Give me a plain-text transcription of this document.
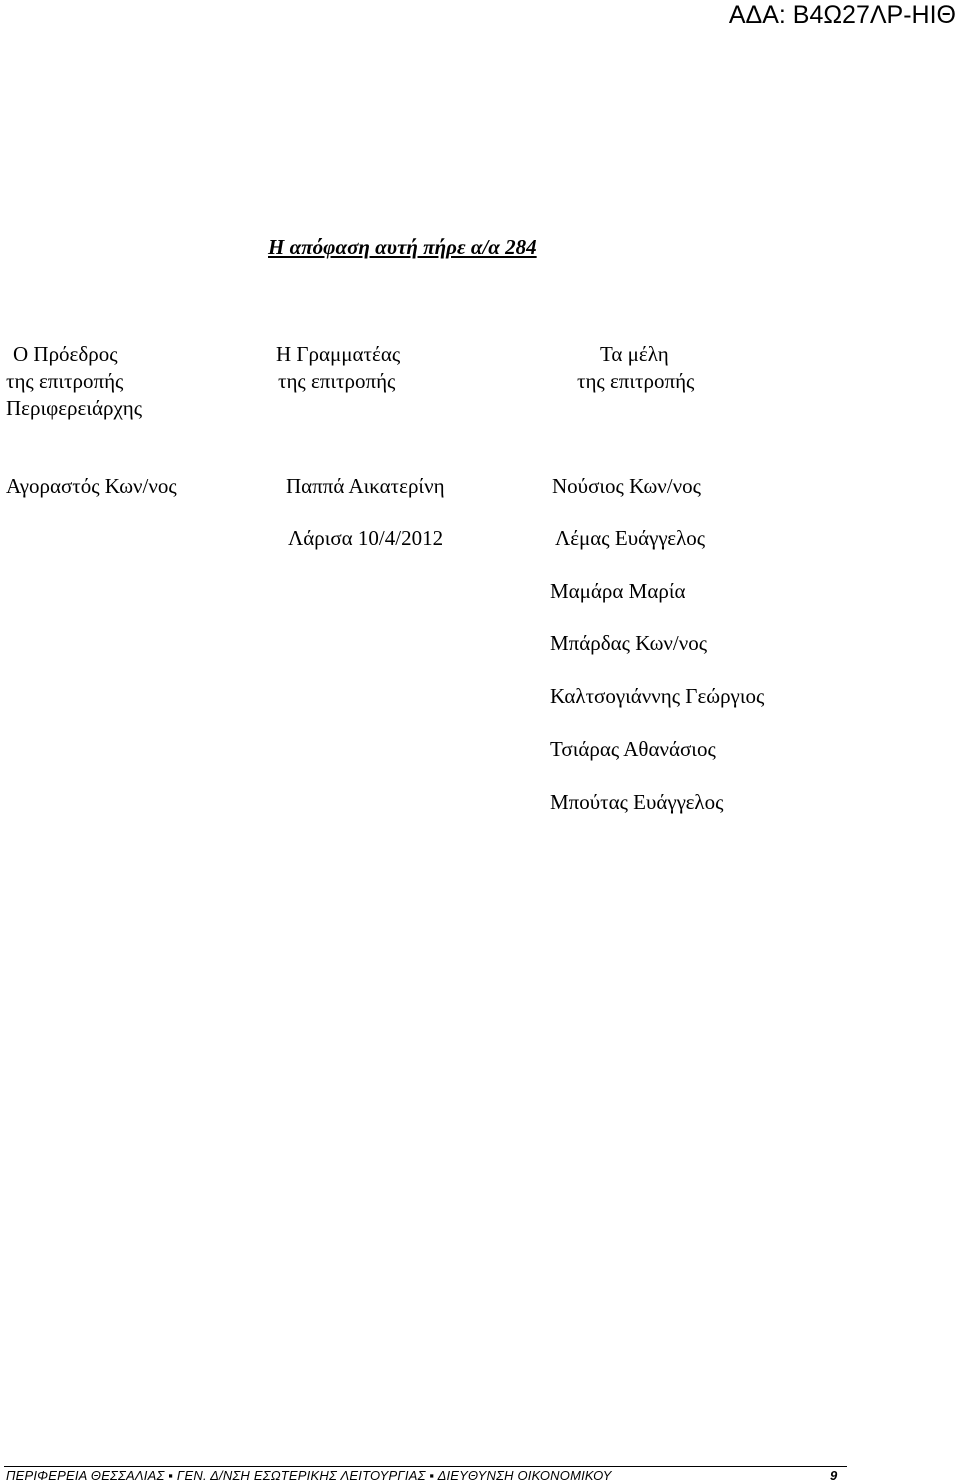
ΑΔΑ: Β4Ω27ΛΡ-ΗΙΘ
Η απόφαση αυτή πήρε α/α 284
Ο Πρόεδρος
της επιτροπής
Περιφερειάρχης
Αγοραστός Κων/νος
Η Γραμματέας
της επιτροπής
Παππά Αικατερίνη
Λάρισα 10/4/2012
Τα μέλη
της επιτροπής
Νούσιος Κων/νος
Λέμας Ευάγγελος
Μαμάρα Μαρία
Μπάρδας Κων/νος
Καλτσογιάννης Γεώργιος
Τσιάρας Αθανάσιος
Μπούτας Ευάγγελος
ΠΕΡΙΦΕΡΕΙΑ ΘΕΣΣΑΛΙΑΣ ▪ ΓΕΝ. Δ/ΝΣΗ ΕΣΩΤΕΡΙΚΗΣ ΛΕΙΤΟΥΡΓΙΑΣ ▪ ΔΙΕΥΘΥΝΣΗ ΟΙΚΟΝΟΜΙΚΟΥ	9
